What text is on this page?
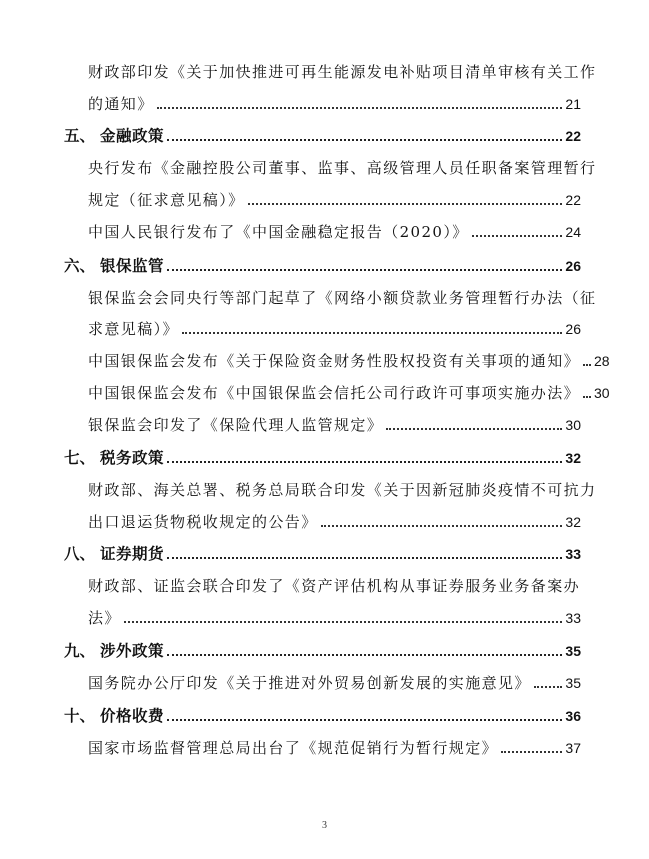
财政部印发《关于加快推进可再生能源发电补贴项目清单审核有关工作
的通知》	21
五、 金融政策	22
央行发布《金融控股公司董事、监事、高级管理人员任职备案管理暂行
规定（征求意见稿）》	22
中国人民银行发布了《中国金融稳定报告（2020）》	24
六、 银保监管	26
银保监会会同央行等部门起草了《网络小额贷款业务管理暂行办法（征
求意见稿）》	26
中国银保监会发布《关于保险资金财务性股权投资有关事项的通知》 28
中国银保监会发布《中国银保监会信托公司行政许可事项实施办法》 30
银保监会印发了《保险代理人监管规定》	30
七、 税务政策	32
财政部、海关总署、税务总局联合印发《关于因新冠肺炎疫情不可抗力
出口退运货物税收规定的公告》	32
八、 证券期货	33
财政部、证监会联合印发了《资产评估机构从事证券服务业务备案办
法》	33
九、 涉外政策	35
国务院办公厅印发《关于推进对外贸易创新发展的实施意见》 35
十、 价格收费	36
国家市场监督管理总局出台了《规范促销行为暂行规定》	37
3
